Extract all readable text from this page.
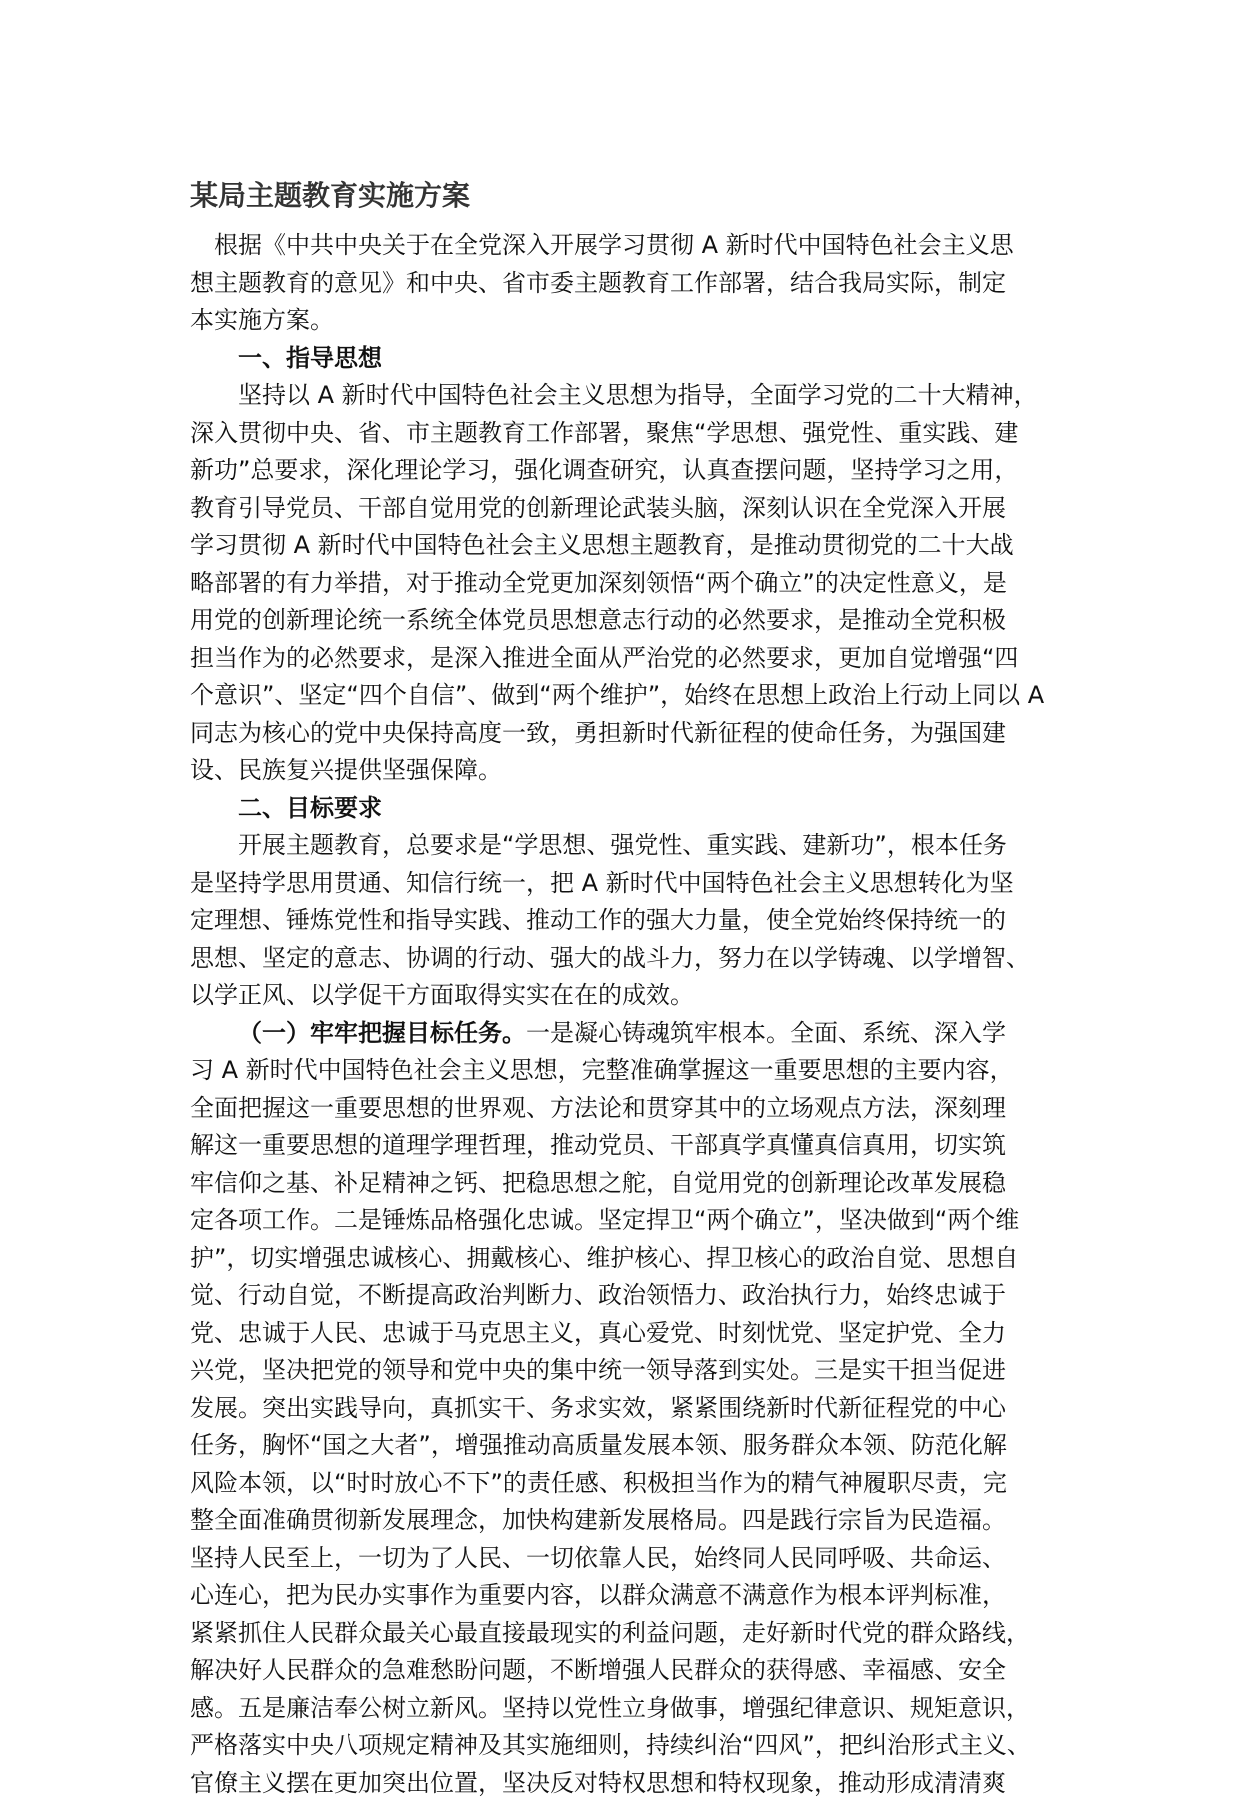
某局主题教育实施方案
根据《中共中央关于在全党深入开展学习贯彻 A 新时代中国特色社会主义思
想主题教育的意见》和中央、省市委主题教育工作部署，结合我局实际，制定
本实施方案。
一、指导思想
坚持以 A 新时代中国特色社会主义思想为指导，全面学习党的二十大精神，
深入贯彻中央、省、市主题教育工作部署，聚焦“学思想、强党性、重实践、建
新功”总要求，深化理论学习，强化调查研究，认真查摆问题，坚持学习之用，
教育引导党员、干部自觉用党的创新理论武装头脑，深刻认识在全党深入开展
学习贯彻 A 新时代中国特色社会主义思想主题教育，是推动贯彻党的二十大战
略部署的有力举措，对于推动全党更加深刻领悟“两个确立”的决定性意义，是
用党的创新理论统一系统全体党员思想意志行动的必然要求，是推动全党积极
担当作为的必然要求，是深入推进全面从严治党的必然要求，更加自觉增强“四
个意识”、坚定“四个自信”、做到“两个维护”，始终在思想上政治上行动上同以 A
同志为核心的党中央保持高度一致，勇担新时代新征程的使命任务，为强国建
设、民族复兴提供坚强保障。
二、目标要求
开展主题教育，总要求是“学思想、强党性、重实践、建新功”，根本任务
是坚持学思用贯通、知信行统一，把 A 新时代中国特色社会主义思想转化为坚
定理想、锤炼党性和指导实践、推动工作的强大力量，使全党始终保持统一的
思想、坚定的意志、协调的行动、强大的战斗力，努力在以学铸魂、以学增智、
以学正风、以学促干方面取得实实在在的成效。
（一）牢牢把握目标任务。一是凝心铸魂筑牢根本。全面、系统、深入学
习 A 新时代中国特色社会主义思想，完整准确掌握这一重要思想的主要内容，
全面把握这一重要思想的世界观、方法论和贯穿其中的立场观点方法，深刻理
解这一重要思想的道理学理哲理，推动党员、干部真学真懂真信真用，切实筑
牢信仰之基、补足精神之钙、把稳思想之舵，自觉用党的创新理论改革发展稳
定各项工作。二是锤炼品格强化忠诚。坚定捍卫“两个确立”，坚决做到“两个维
护”，切实增强忠诚核心、拥戴核心、维护核心、捍卫核心的政治自觉、思想自
觉、行动自觉，不断提高政治判断力、政治领悟力、政治执行力，始终忠诚于
党、忠诚于人民、忠诚于马克思主义，真心爱党、时刻忧党、坚定护党、全力
兴党，坚决把党的领导和党中央的集中统一领导落到实处。三是实干担当促进
发展。突出实践导向，真抓实干、务求实效，紧紧围绕新时代新征程党的中心
任务，胸怀“国之大者”，增强推动高质量发展本领、服务群众本领、防范化解
风险本领，以“时时放心不下”的责任感、积极担当作为的精气神履职尽责，完
整全面准确贯彻新发展理念，加快构建新发展格局。四是践行宗旨为民造福。
坚持人民至上，一切为了人民、一切依靠人民，始终同人民同呼吸、共命运、
心连心，把为民办实事作为重要内容，以群众满意不满意作为根本评判标准，
紧紧抓住人民群众最关心最直接最现实的利益问题，走好新时代党的群众路线，
解决好人民群众的急难愁盼问题，不断增强人民群众的获得感、幸福感、安全
感。五是廉洁奉公树立新风。坚持以党性立身做事，增强纪律意识、规矩意识，
严格落实中央八项规定精神及其实施细则，持续纠治“四风”，把纠治形式主义、
官僚主义摆在更加突出位置，坚决反对特权思想和特权现象，推动形成清清爽
